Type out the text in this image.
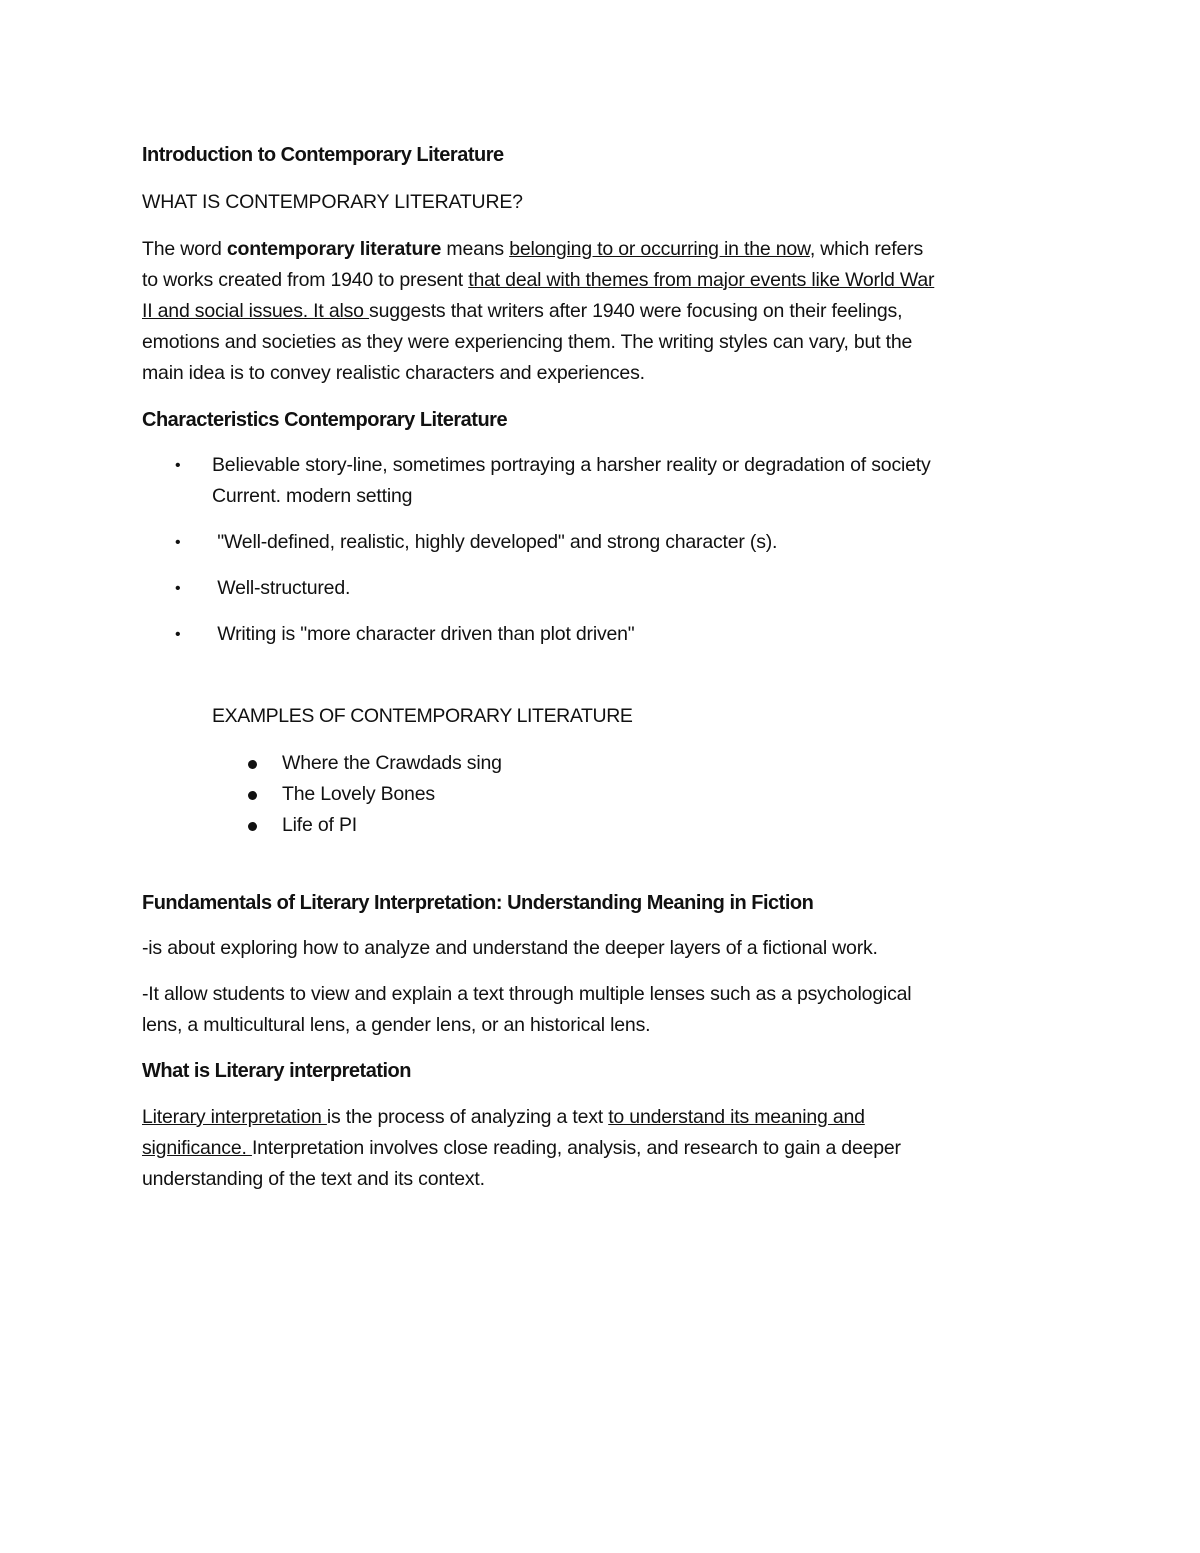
Introduction to Contemporary Literature

WHAT IS CONTEMPORARY LITERATURE?

The word contemporary literature means belonging to or occurring in the now, which refers
to works created from 1940 to present that deal with themes from major events like World War
II and social issues. It also suggests that writers after 1940 were focusing on their feelings,
emotions and societies as they were experiencing them. The writing styles can vary, but the
main idea is to convey realistic characters and experiences.

Characteristics Contemporary Literature

• Believable story-line, sometimes portraying a harsher reality or degradation of society
Current. modern setting
• "Well-defined, realistic, highly developed" and strong character (s).
• Well-structured.
• Writing is "more character driven than plot driven"

EXAMPLES OF CONTEMPORARY LITERATURE

Where the Crawdads sing
The Lovely Bones
Life of PI

Fundamentals of Literary Interpretation: Understanding Meaning in Fiction

-is about exploring how to analyze and understand the deeper layers of a fictional work.

-It allow students to view and explain a text through multiple lenses such as a psychological
lens, a multicultural lens, a gender lens, or an historical lens.

What is Literary interpretation

Literary interpretation is the process of analyzing a text to understand its meaning and
significance. Interpretation involves close reading, analysis, and research to gain a deeper
understanding of the text and its context.
